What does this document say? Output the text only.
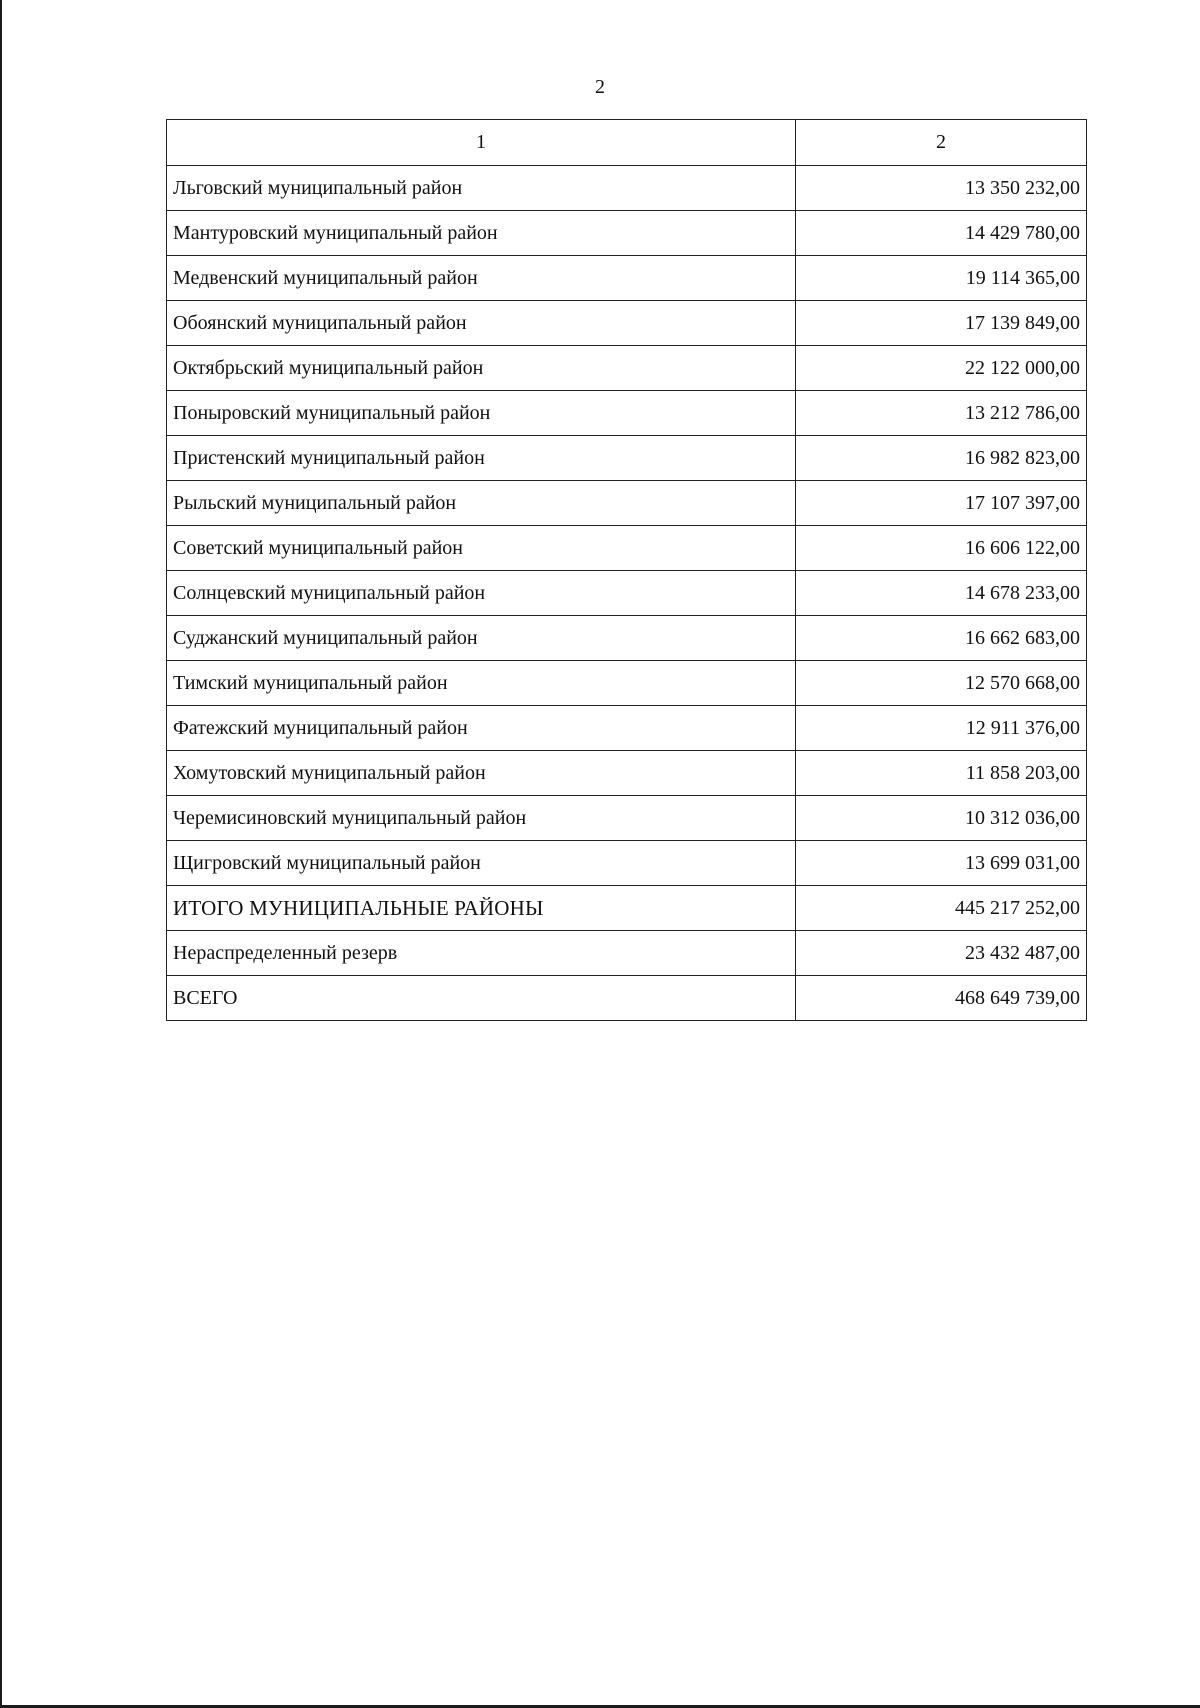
2
1	2
Льговский муниципальный район	13 350 232,00
Мантуровский муниципальный район	14 429 780,00
Медвенский муниципальный район	19 114 365,00
Обоянский муниципальный район	17 139 849,00
Октябрьский муниципальный район	22 122 000,00
Поныровский муниципальный район	13 212 786,00
Пристенский муниципальный район	16 982 823,00
Рыльский муниципальный район	17 107 397,00
Советский муниципальный район	16 606 122,00
Солнцевский муниципальный район	14 678 233,00
Суджанский муниципальный район	16 662 683,00
Тимский муниципальный район	12 570 668,00
Фатежский муниципальный район	12 911 376,00
Хомутовский муниципальный район	11 858 203,00
Черемисиновский муниципальный район	10 312 036,00
Щигровский муниципальный район	13 699 031,00
ИТОГО МУНИЦИПАЛЬНЫЕ РАЙОНЫ	445 217 252,00
Нераспределенный резерв	23 432 487,00
ВСЕГО	468 649 739,00
